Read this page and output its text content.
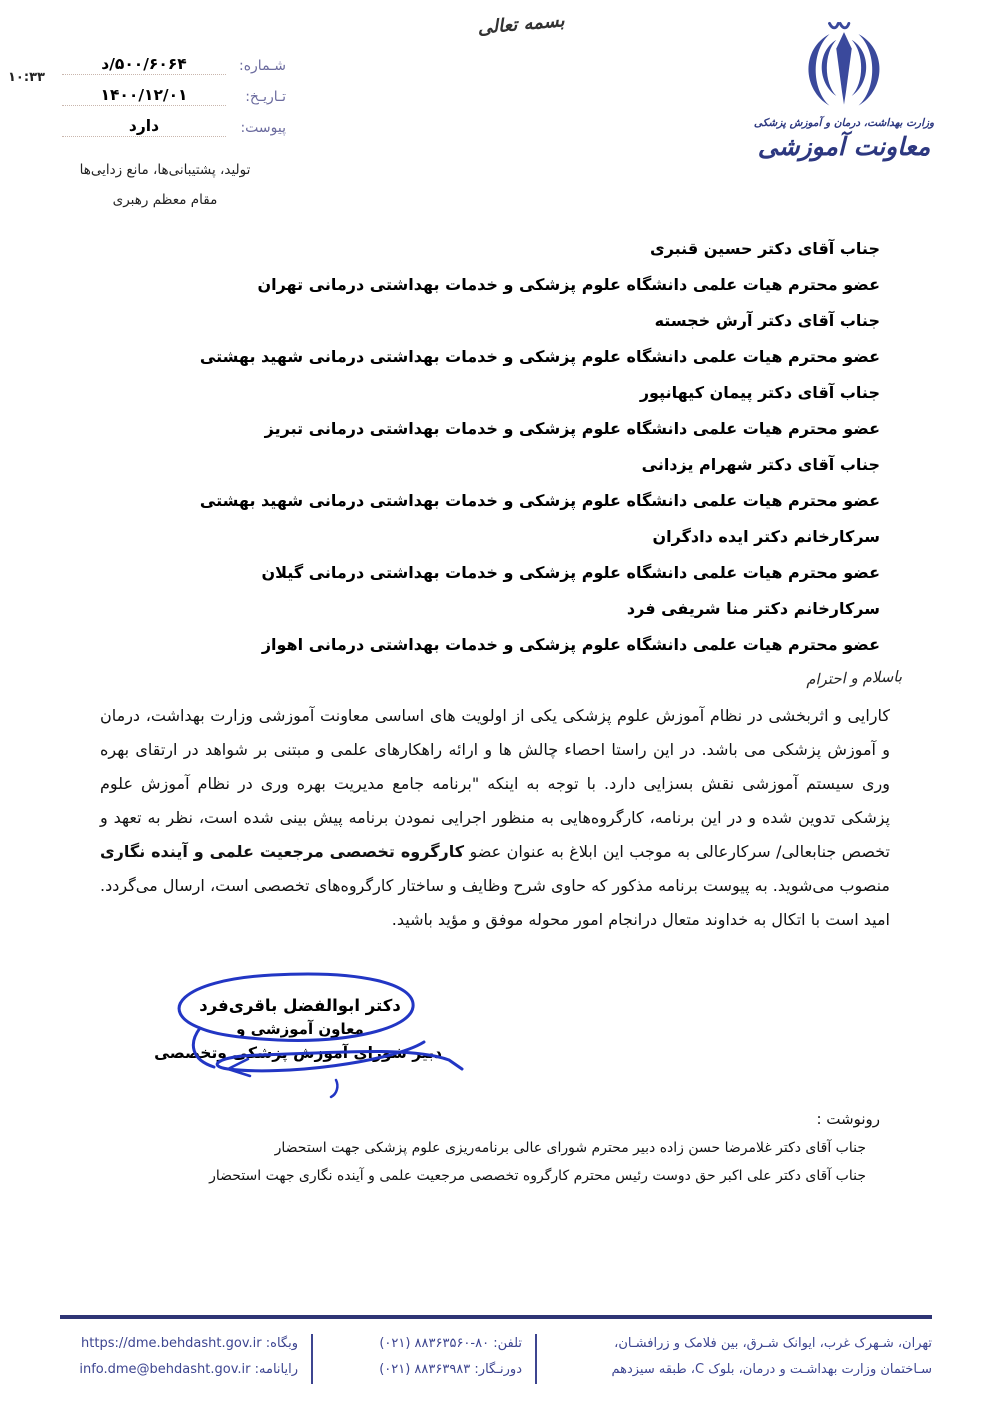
بسمه تعالی
وزارت بهداشت، درمان و آموزش پزشکی
معاونت آموزشی
شـماره:
۵۰۰/۶۰۶۴/د
تـاریـخ:
۱۴۰۰/۱۲/۰۱
پیوست:
دارد
۱۰:۳۳
تولید، پشتیبانی‌ها، مانع زدایی‌ها
مقام معظم رهبری
جناب آقای دکتر حسین قنبری
عضو محترم هیات علمی دانشگاه علوم پزشکی و خدمات بهداشتی درمانی تهران
جناب آقای دکتر آرش خجسته
عضو محترم هیات علمی دانشگاه علوم پزشکی و خدمات بهداشتی درمانی شهید بهشتی
جناب آقای دکتر پیمان کیهانپور
عضو محترم هیات علمی دانشگاه علوم پزشکی و خدمات بهداشتی درمانی تبریز
جناب آقای دکتر شهرام یزدانی
عضو محترم هیات علمی دانشگاه علوم پزشکی و خدمات بهداشتی درمانی شهید بهشتی
سرکارخانم دکتر ایده دادگران
عضو محترم هیات علمی دانشگاه علوم پزشکی و خدمات بهداشتی درمانی گیلان
سرکارخانم دکتر منا شریفی فرد
عضو محترم هیات علمی دانشگاه علوم پزشکی و خدمات بهداشتی درمانی اهواز
باسلام و احترام
کارایی و اثربخشی در نظام آموزش علوم پزشکی یکی از اولویت های اساسی معاونت آموزشی وزارت بهداشت، درمان و آموزش پزشکی می باشد. در این راستا احصاء چالش ها و ارائه راهکارهای علمی و مبتنی بر شواهد در ارتقای بهره وری سیستم آموزشی نقش بسزایی دارد. با توجه به اینکه "برنامه جامع مدیریت بهره وری در نظام آموزش علوم پزشکی تدوین شده و در این برنامه، کارگروه‌هایی به منظور اجرایی نمودن برنامه پیش بینی شده است، نظر به تعهد و تخصص جنابعالی/ سرکارعالی به موجب این ابلاغ به عنوان عضو کارگروه تخصصی مرجعیت علمی و آینده نگاری منصوب می‌شوید. به پیوست برنامه مذکور که حاوی شرح وظایف و ساختار کارگروه‌های تخصصی است، ارسال می‌گردد. امید است با اتکال به خداوند متعال درانجام امور محوله موفق و مؤید باشید.
دکتر ابوالفضل باقری‌فرد
معاون آموزشی و
دبیر شورای آموزش پزشکی وتخصصی
رونوشت :
جناب آقای دکتر غلامرضا حسن زاده دبیر محترم شورای عالی برنامه‌ریزی علوم پزشکی جهت استحضار
جناب آقای دکتر علی اکبر حق دوست رئیس محترم کارگروه تخصصی مرجعیت علمی و آینده نگاری جهت استحضار
تهران، شـهرک غرب، ایوانک شـرق، بین فلامک و زرافشـان،
سـاختمان وزارت بهداشـت و درمان، بلوک C، طبقه سیزدهم
تلفن: (۰۲۱) ۸۸۳۶۳۵۶۰-۸۰
دورنـگار: (۰۲۱) ۸۸۳۶۳۹۸۳
وبگاه: https://dme.behdasht.gov.ir
رایانامه: info.dme@behdasht.gov.ir
